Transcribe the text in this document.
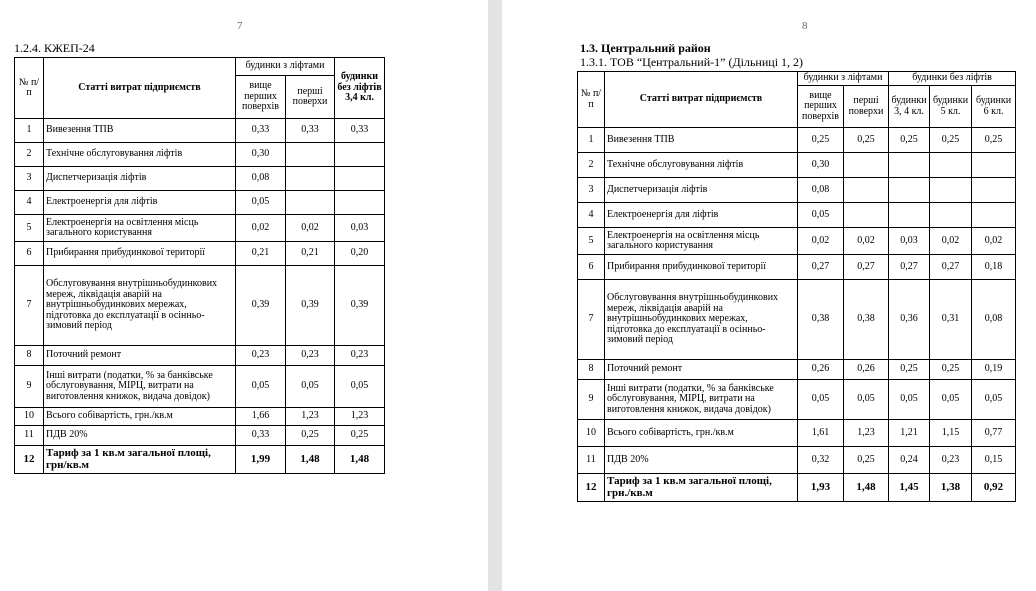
7
1.2.4. КЖЕП-24
№ п/п	Статті витрат підприємств	будинки з ліфтами		будинки без ліфтів 3,4 кл.
		вище перших поверхів	перші поверхи	
1	Вивезення ТПВ	0,33	0,33	0,33
2	Технічне обслуговування ліфтів	0,30		
3	Диспетчеризація ліфтів	0,08		
4	Електроенергія для ліфтів	0,05		
5	Електроенергія на освітлення місць загального користування	0,02	0,02	0,03
6	Прибирання прибудинкової території	0,21	0,21	0,20
7	Обслуговування внутрішньобудинкових мереж, ліквідація аварій на внутрішньобудинкових мережах, підготовка до експлуатації в осінньо-зимовий період	0,39	0,39	0,39
8	Поточний ремонт	0,23	0,23	0,23
9	Інші витрати (податки, % за банківське обслуговування, МІРЦ, витрати на виготовлення книжок, видача довідок)	0,05	0,05	0,05
10	Всього собівартість, грн./кв.м	1,66	1,23	1,23
11	ПДВ 20%	0,33	0,25	0,25
12	Тариф за 1 кв.м загальної площі, грн/кв.м	1,99	1,48	1,48
8
1.3. Центральний район
1.3.1. ТОВ “Центральний-1” (Дільниці 1, 2)
№ п/п	Статті витрат підприємств	будинки з ліфтами		будинки без ліфтів		
		вище перших поверхів	перші поверхи	будинки 3, 4 кл.	будинки 5 кл.	будинки 6 кл.
1	Вивезення ТПВ	0,25	0,25	0,25	0,25	0,25
2	Технічне обслуговування ліфтів	0,30				
3	Диспетчеризація ліфтів	0,08				
4	Електроенергія для ліфтів	0,05				
5	Електроенергія на освітлення місць загального користування	0,02	0,02	0,03	0,02	0,02
6	Прибирання прибудинкової території	0,27	0,27	0,27	0,27	0,18
7	Обслуговування внутрішньобудинкових мереж, ліквідація аварій на внутрішньобудинкових мережах, підготовка до експлуатації в осінньо-зимовий період	0,38	0,38	0,36	0,31	0,08
8	Поточний ремонт	0,26	0,26	0,25	0,25	0,19
9	Інші витрати (податки, % за банківське обслуговування, МІРЦ, витрати на виготовлення книжок, видача довідок)	0,05	0,05	0,05	0,05	0,05
10	Всього собівартість, грн./кв.м	1,61	1,23	1,21	1,15	0,77
11	ПДВ 20%	0,32	0,25	0,24	0,23	0,15
12	Тариф за 1 кв.м загальної площі, грн./кв.м	1,93	1,48	1,45	1,38	0,92
